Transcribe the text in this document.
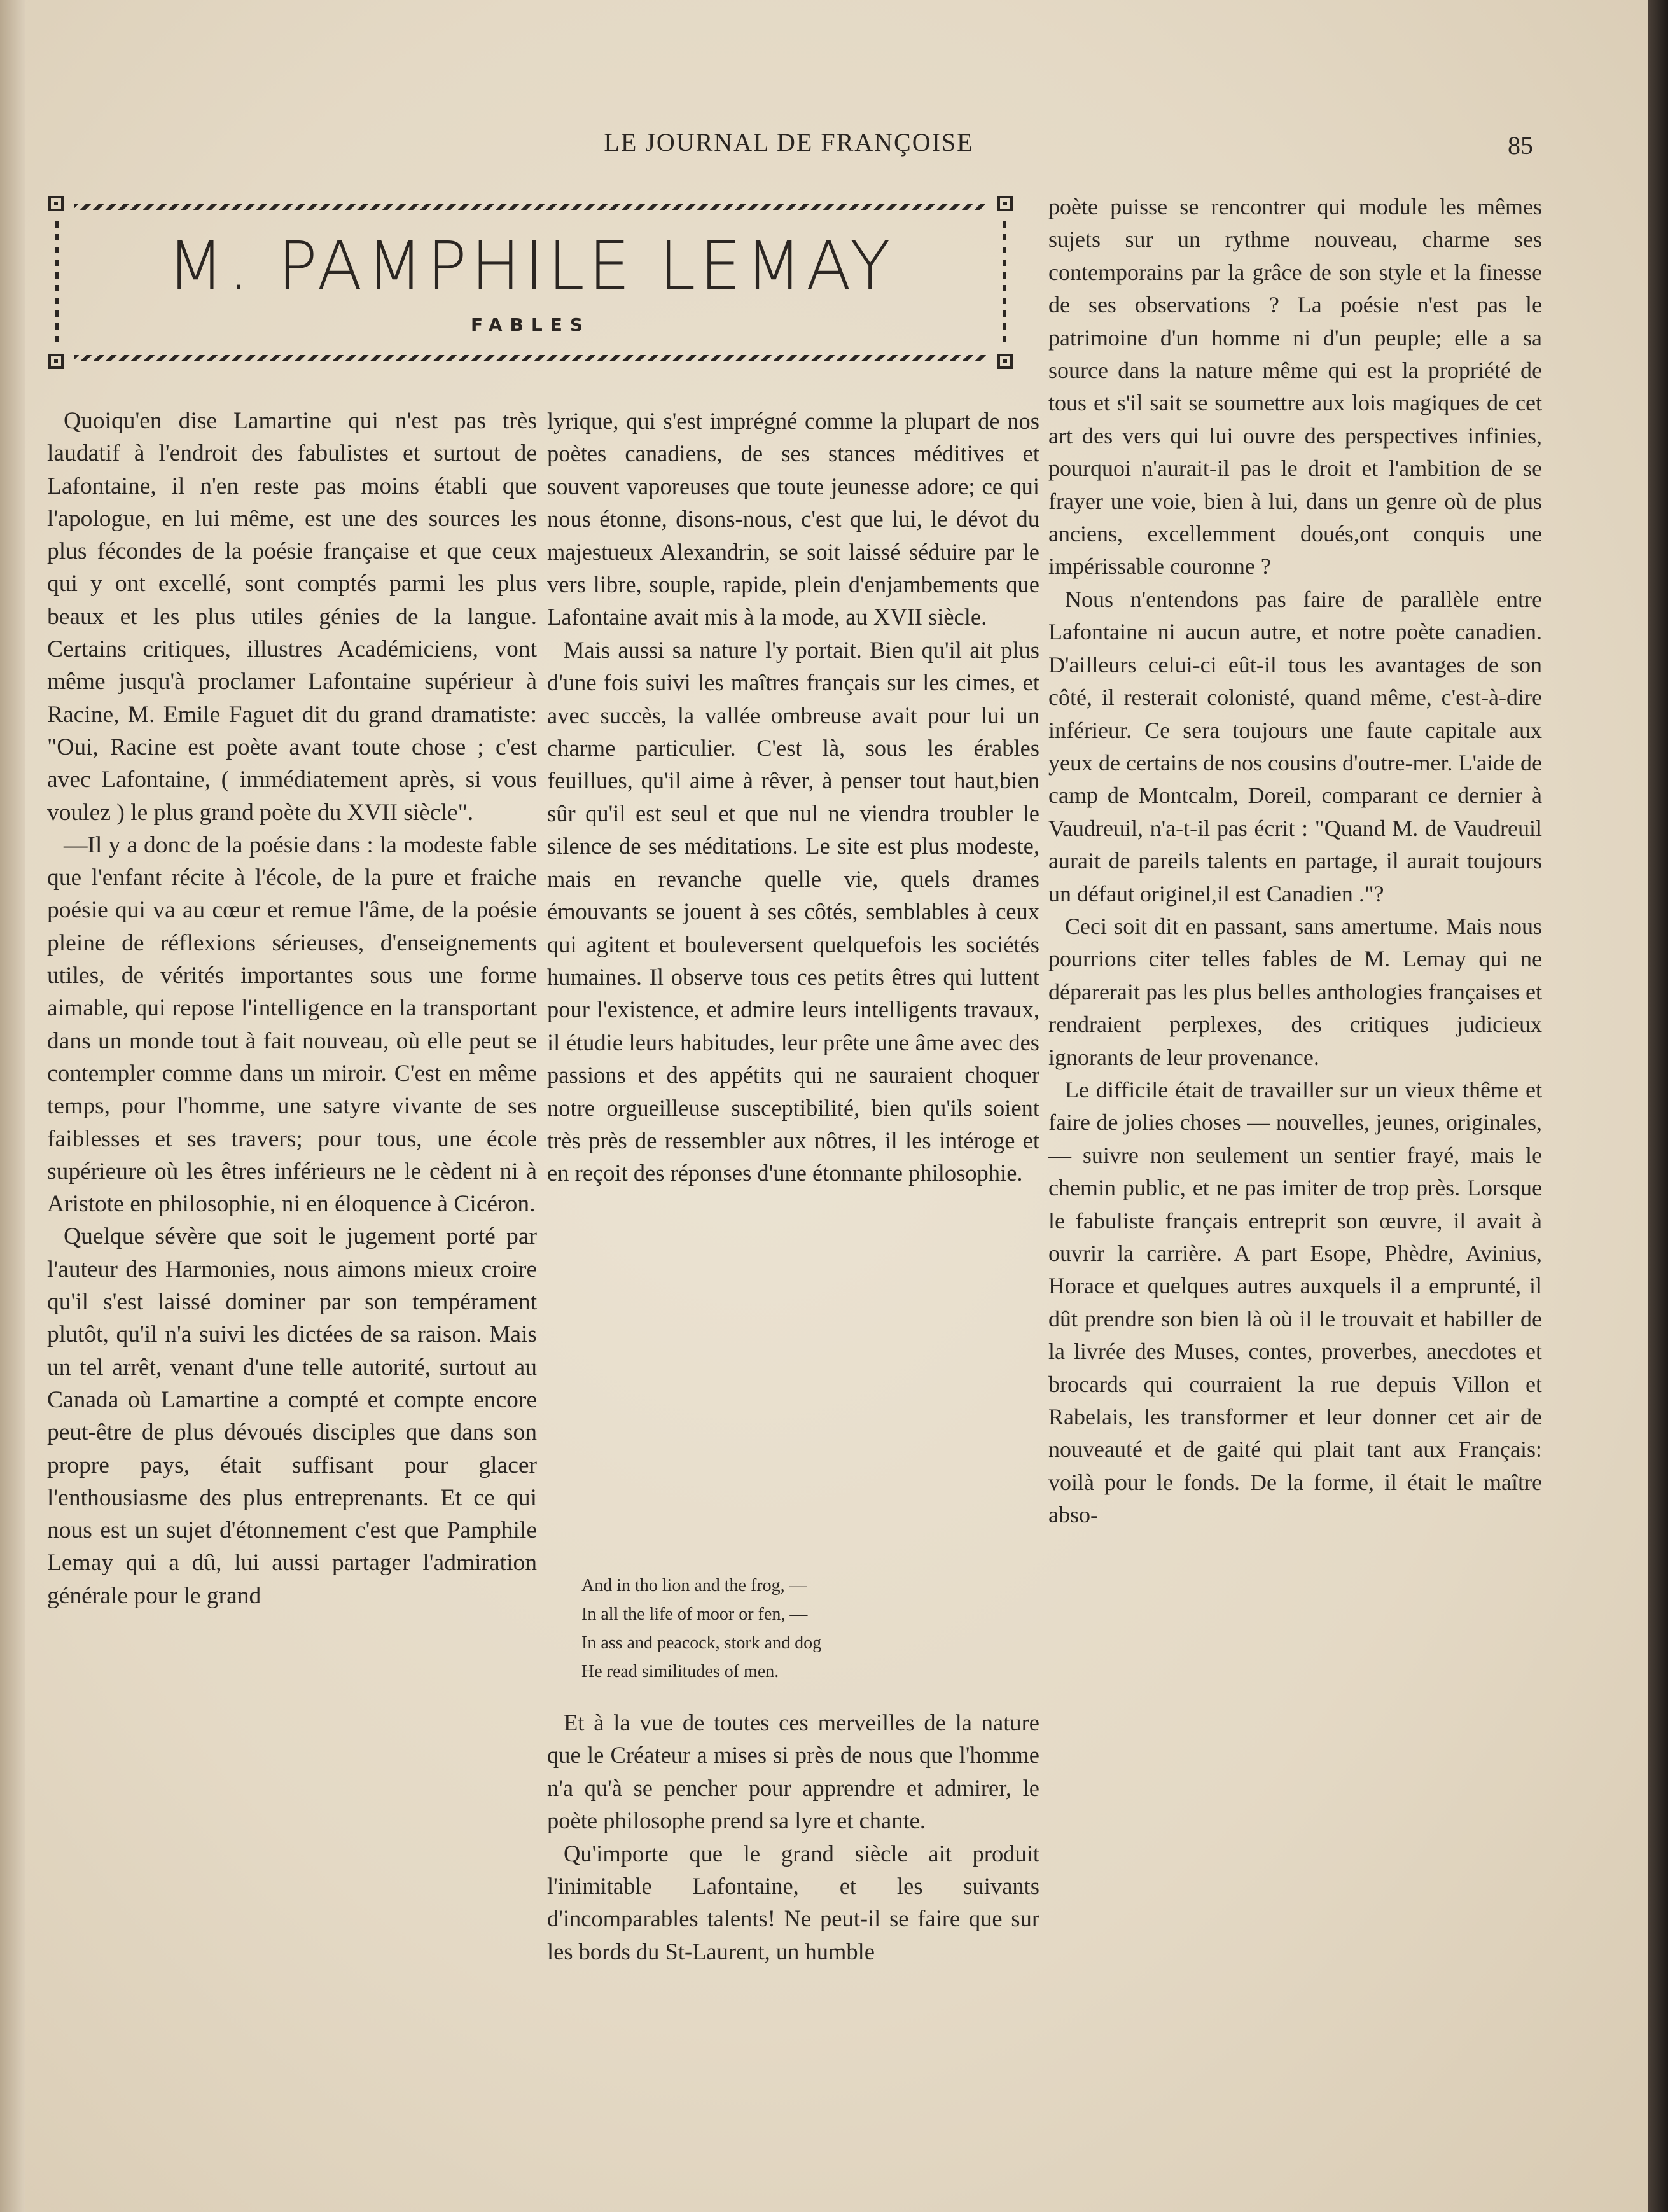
LE JOURNAL DE FRANÇOISE	85
M. PAMPHILE LEMAY
FABLES

Quoiqu'en dise Lamartine qui n'est pas très laudatif à l'endroit des fabulistes et surtout de Lafontaine, il n'en reste pas moins établi que l'apologue, en lui même, est une des sources les plus fécondes de la poésie française et que ceux qui y ont excellé, sont comptés parmi les plus beaux et les plus utiles génies de la langue. Certains critiques, illustres Académiciens, vont même jusqu'à proclamer Lafontaine supérieur à Racine, M. Emile Faguet dit du grand dramatiste: "Oui, Racine est poète avant toute chose ; c'est avec Lafontaine, ( immédiatement après, si vous voulez ) le plus grand poète du XVII siècle".

—Il y a donc de la poésie dans : la modeste fable que l'enfant récite à l'école, de la pure et fraiche poésie qui va au cœur et remue l'âme, de la poésie pleine de réflexions sérieuses, d'enseignements utiles, de vérités importantes sous une forme aimable, qui repose l'intelligence en la transportant dans un monde tout à fait nouveau, où elle peut se contempler comme dans un miroir. C'est en même temps, pour l'homme, une satyre vivante de ses faiblesses et ses travers; pour tous, une école supérieure où les êtres inférieurs ne le cèdent ni à Aristote en philosophie, ni en éloquence à Cicéron.

Quelque sévère que soit le jugement porté par l'auteur des Harmonies, nous aimons mieux croire qu'il s'est laissé dominer par son tempérament plutôt, qu'il n'a suivi les dictées de sa raison. Mais un tel arrêt, venant d'une telle autorité, surtout au Canada où Lamartine a compté et compte encore peut-être de plus dévoués disciples que dans son propre pays, était suffisant pour glacer l'enthousiasme des plus entreprenants. Et ce qui nous est un sujet d'étonnement c'est que Pamphile Lemay qui a dû, lui aussi partager l'admiration générale pour le grand

lyrique, qui s'est imprégné comme la plupart de nos poètes canadiens, de ses stances méditives et souvent vaporeuses que toute jeunesse adore; ce qui nous étonne, disons-nous, c'est que lui, le dévot du majestueux Alexandrin, se soit laissé séduire par le vers libre, souple, rapide, plein d'enjambements que Lafontaine avait mis à la mode, au XVII siècle.

Mais aussi sa nature l'y portait. Bien qu'il ait plus d'une fois suivi les maîtres français sur les cimes, et avec succès, la vallée ombreuse avait pour lui un charme particulier. C'est là, sous les érables feuillues, qu'il aime à rêver, à penser tout haut,bien sûr qu'il est seul et que nul ne viendra troubler le silence de ses méditations. Le site est plus modeste, mais en revanche quelle vie, quels drames émouvants se jouent à ses côtés, semblables à ceux qui agitent et bouleversent quelquefois les sociétés humaines. Il observe tous ces petits êtres qui luttent pour l'existence, et admire leurs intelligents travaux, il étudie leurs habitudes, leur prête une âme avec des passions et des appétits qui ne sauraient choquer notre orgueilleuse susceptibilité, bien qu'ils soient très près de ressembler aux nôtres, il les intéroge et en reçoit des réponses d'une étonnante philosophie.

And in tho lion and the frog, —
In all the life of moor or fen, —
In ass and peacock, stork and dog
He read similitudes of men.

Et à la vue de toutes ces merveilles de la nature que le Créateur a mises si près de nous que l'homme n'a qu'à se pencher pour apprendre et admirer, le poète philosophe prend sa lyre et chante.

Qu'importe que le grand siècle ait produit l'inimitable Lafontaine, et les suivants d'incomparables talents! Ne peut-il se faire que sur les bords du St-Laurent, un humble

poète puisse se rencontrer qui module les mêmes sujets sur un rythme nouveau, charme ses contemporains par la grâce de son style et la finesse de ses observations ? La poésie n'est pas le patrimoine d'un homme ni d'un peuple; elle a sa source dans la nature même qui est la propriété de tous et s'il sait se soumettre aux lois magiques de cet art des vers qui lui ouvre des perspectives infinies, pourquoi n'aurait-il pas le droit et l'ambition de se frayer une voie, bien à lui, dans un genre où de plus anciens, excellemment doués,ont conquis une impérissable couronne ?

Nous n'entendons pas faire de parallèle entre Lafontaine ni aucun autre, et notre poète canadien. D'ailleurs celui-ci eût-il tous les avantages de son côté, il resterait colonisté, quand même, c'est-à-dire inférieur. Ce sera toujours une faute capitale aux yeux de certains de nos cousins d'outre-mer. L'aide de camp de Montcalm, Doreil, comparant ce dernier à Vaudreuil, n'a-t-il pas écrit : "Quand M. de Vaudreuil aurait de pareils talents en partage, il aurait toujours un défaut originel,il est Canadien ."?

Ceci soit dit en passant, sans amertume. Mais nous pourrions citer telles fables de M. Lemay qui ne déparerait pas les plus belles anthologies françaises et rendraient perplexes, des critiques judicieux ignorants de leur provenance.

Le difficile était de travailler sur un vieux thême et faire de jolies choses — nouvelles, jeunes, originales, — suivre non seulement un sentier frayé, mais le chemin public, et ne pas imiter de trop près. Lorsque le fabuliste français entreprit son œuvre, il avait à ouvrir la carrière. A part Esope, Phèdre, Avinius, Horace et quelques autres auxquels il a emprunté, il dût prendre son bien là où il le trouvait et habiller de la livrée des Muses, contes, proverbes, anecdotes et brocards qui courraient la rue depuis Villon et Rabelais, les transformer et leur donner cet air de nouveauté et de gaité qui plait tant aux Français: voilà pour le fonds. De la forme, il était le maître abso-
